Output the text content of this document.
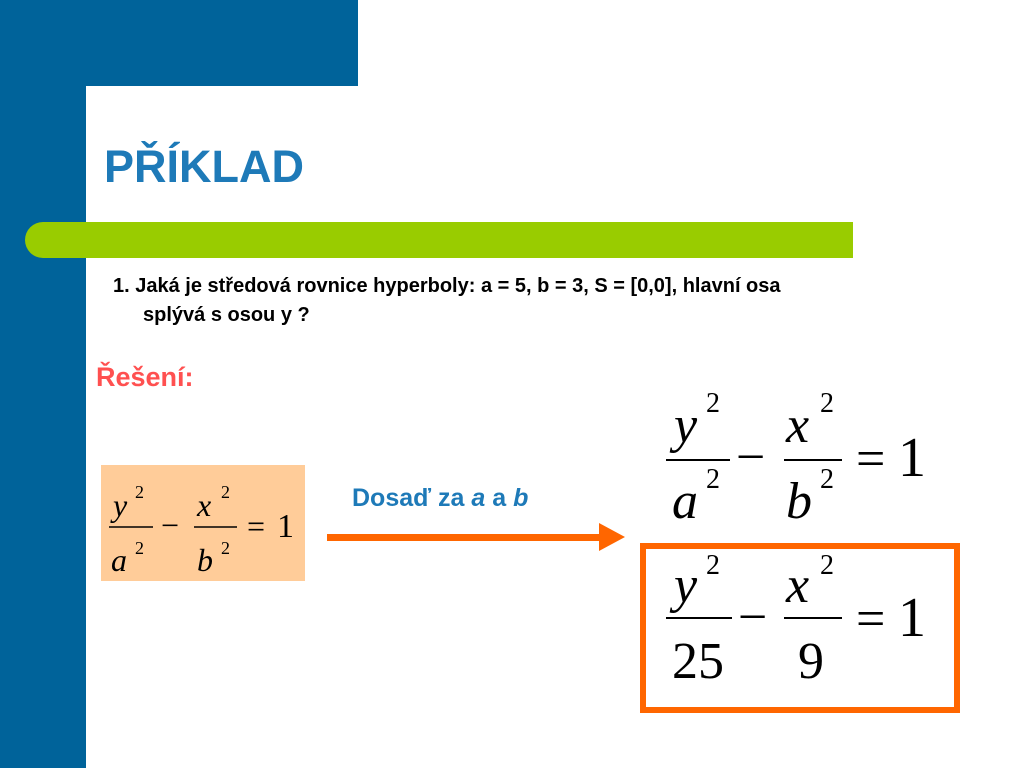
PŘÍKLAD

1. Jaká je středová rovnice hyperboly: a = 5, b = 3, S = [0,0], hlavní osa
splývá s osou y ?

Řešení:

y 2
a 2
−
x 2
b 2
= 1

Dosaď za a a b

y 2
a 2 −
x 2
b 2 = 1
y 2
25
−
x 2
9
= 1
